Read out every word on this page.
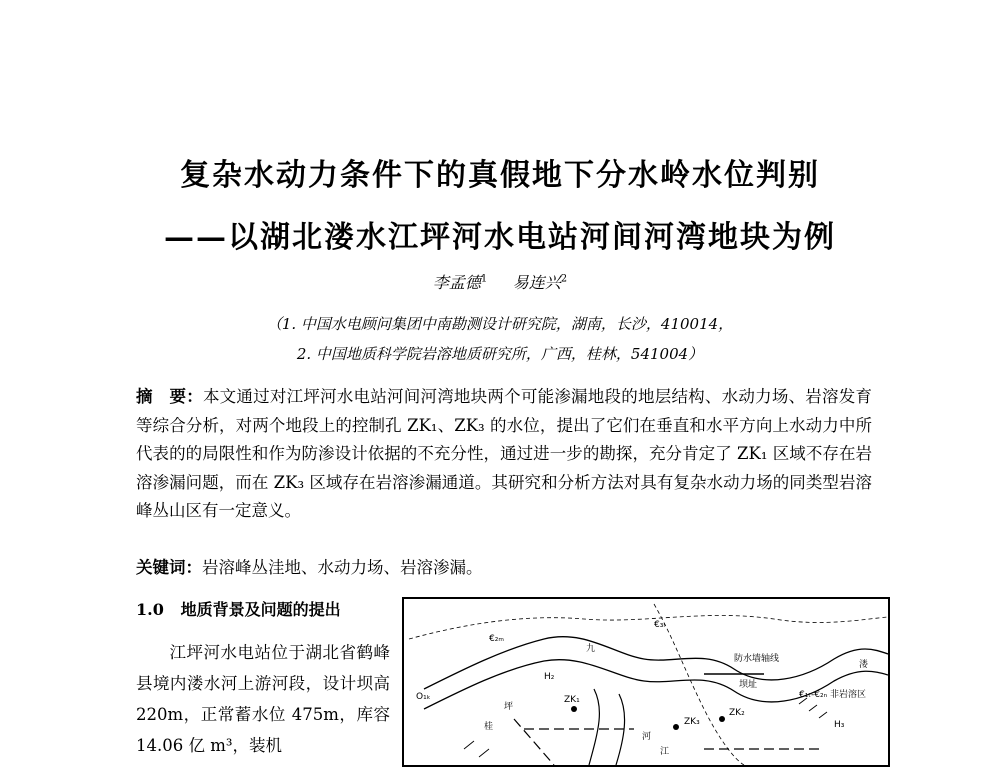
复杂水动力条件下的真假地下分水岭水位判别
——以湖北溇水江坪河水电站河间河湾地块为例
李孟德$^1$ 易连兴$^2$
（1. 中国水电顾问集团中南勘测设计研究院，湖南，长沙，410014，
2. 中国地质科学院岩溶地质研究所，广西，桂林，541004）

摘　要：本文通过对江坪河水电站河间河湾地块两个可能渗漏地段的地层结构、水动力场、岩溶发育等综合分析，对两个地段上的控制孔 ZK₁、ZK₃ 的水位，提出了它们在垂直和水平方向上水动力中所代表的的局限性和作为防渗设计依据的不充分性，通过进一步的勘探，充分肯定了 ZK₁ 区域不存在岩溶渗漏问题，而在 ZK₃ 区域存在岩溶渗漏通道。其研究和分析方法对具有复杂水动力场的同类型岩溶峰丛山区有一定意义。

关键词：岩溶峰丛洼地、水动力场、岩溶渗漏。
1.0 地质背景及问题的提出
江坪河水电站位于湖北省鹤峰县境内溇水河上游河段，设计坝高 220m，正常蓄水位 475m，库容 14.06 亿 m³，装机
€₂ₘ
€₃ₗ
防水墙轴线
坝址
€₁ₜ-€₂ₙ 非岩溶区
O₁ₖ	ZK₁
ZK₃
ZK₂
H₂
H₃
九
坪
溇
河
桂
江
